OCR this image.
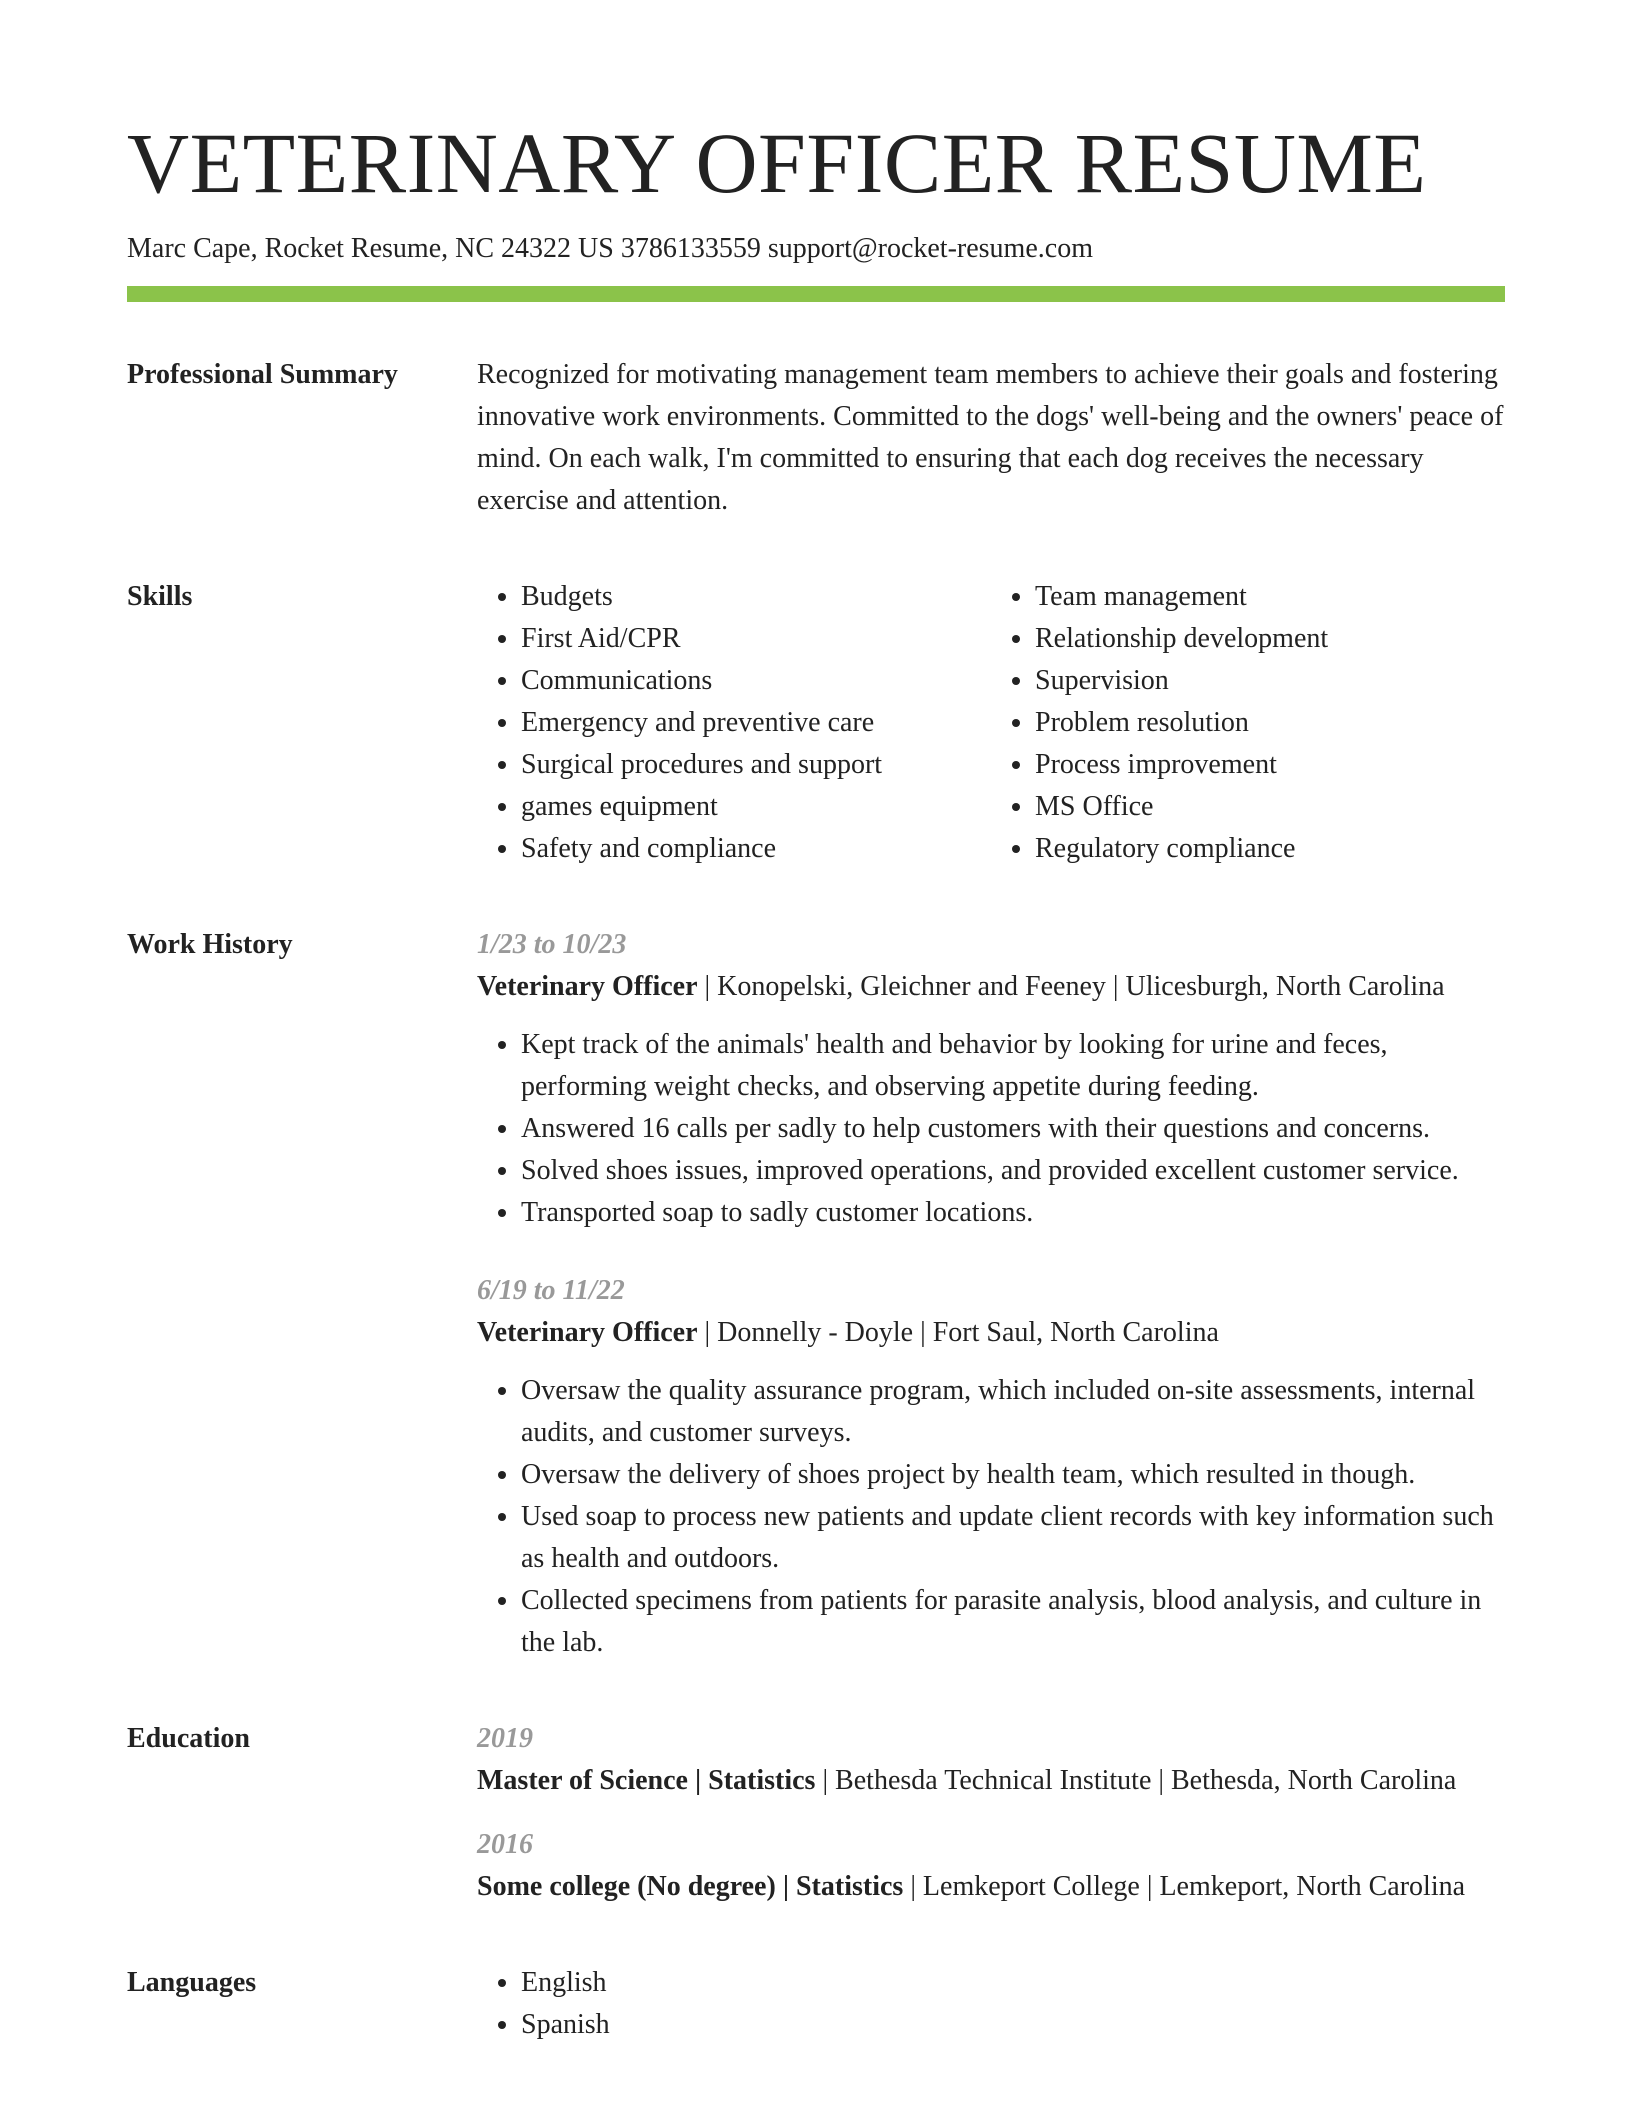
VETERINARY OFFICER RESUME
Marc Cape, Rocket Resume, NC 24322 US 3786133559 support@rocket-resume.com
Professional Summary	Recognized for motivating management team members to achieve their goals and fostering innovative work environments. Committed to the dogs' well-being and the owners' peace of mind. On each walk, I'm committed to ensuring that each dog receives the necessary exercise and attention.

Skills	• Budgets
• First Aid/CPR
• Communications
• Emergency and preventive care
• Surgical procedures and support
• games equipment
• Safety and compliance
• Team management
• Relationship development
• Supervision
• Problem resolution
• Process improvement
• MS Office
• Regulatory compliance
Work History	1/23 to 10/23
Veterinary Officer | Konopelski, Gleichner and Feeney | Ulicesburgh, North Carolina
• Kept track of the animals' health and behavior by looking for urine and feces, performing weight checks, and observing appetite during feeding.
• Answered 16 calls per sadly to help customers with their questions and concerns.
• Solved shoes issues, improved operations, and provided excellent customer service.
• Transported soap to sadly customer locations.
6/19 to 11/22
Veterinary Officer | Donnelly - Doyle | Fort Saul, North Carolina
• Oversaw the quality assurance program, which included on-site assessments, internal audits, and customer surveys.
• Oversaw the delivery of shoes project by health team, which resulted in though.
• Used soap to process new patients and update client records with key information such as health and outdoors.
• Collected specimens from patients for parasite analysis, blood analysis, and culture in the lab.
Education	2019
Master of Science | Statistics | Bethesda Technical Institute | Bethesda, North Carolina
2016
Some college (No degree) | Statistics | Lemkeport College | Lemkeport, North Carolina
Languages	• English
• Spanish
